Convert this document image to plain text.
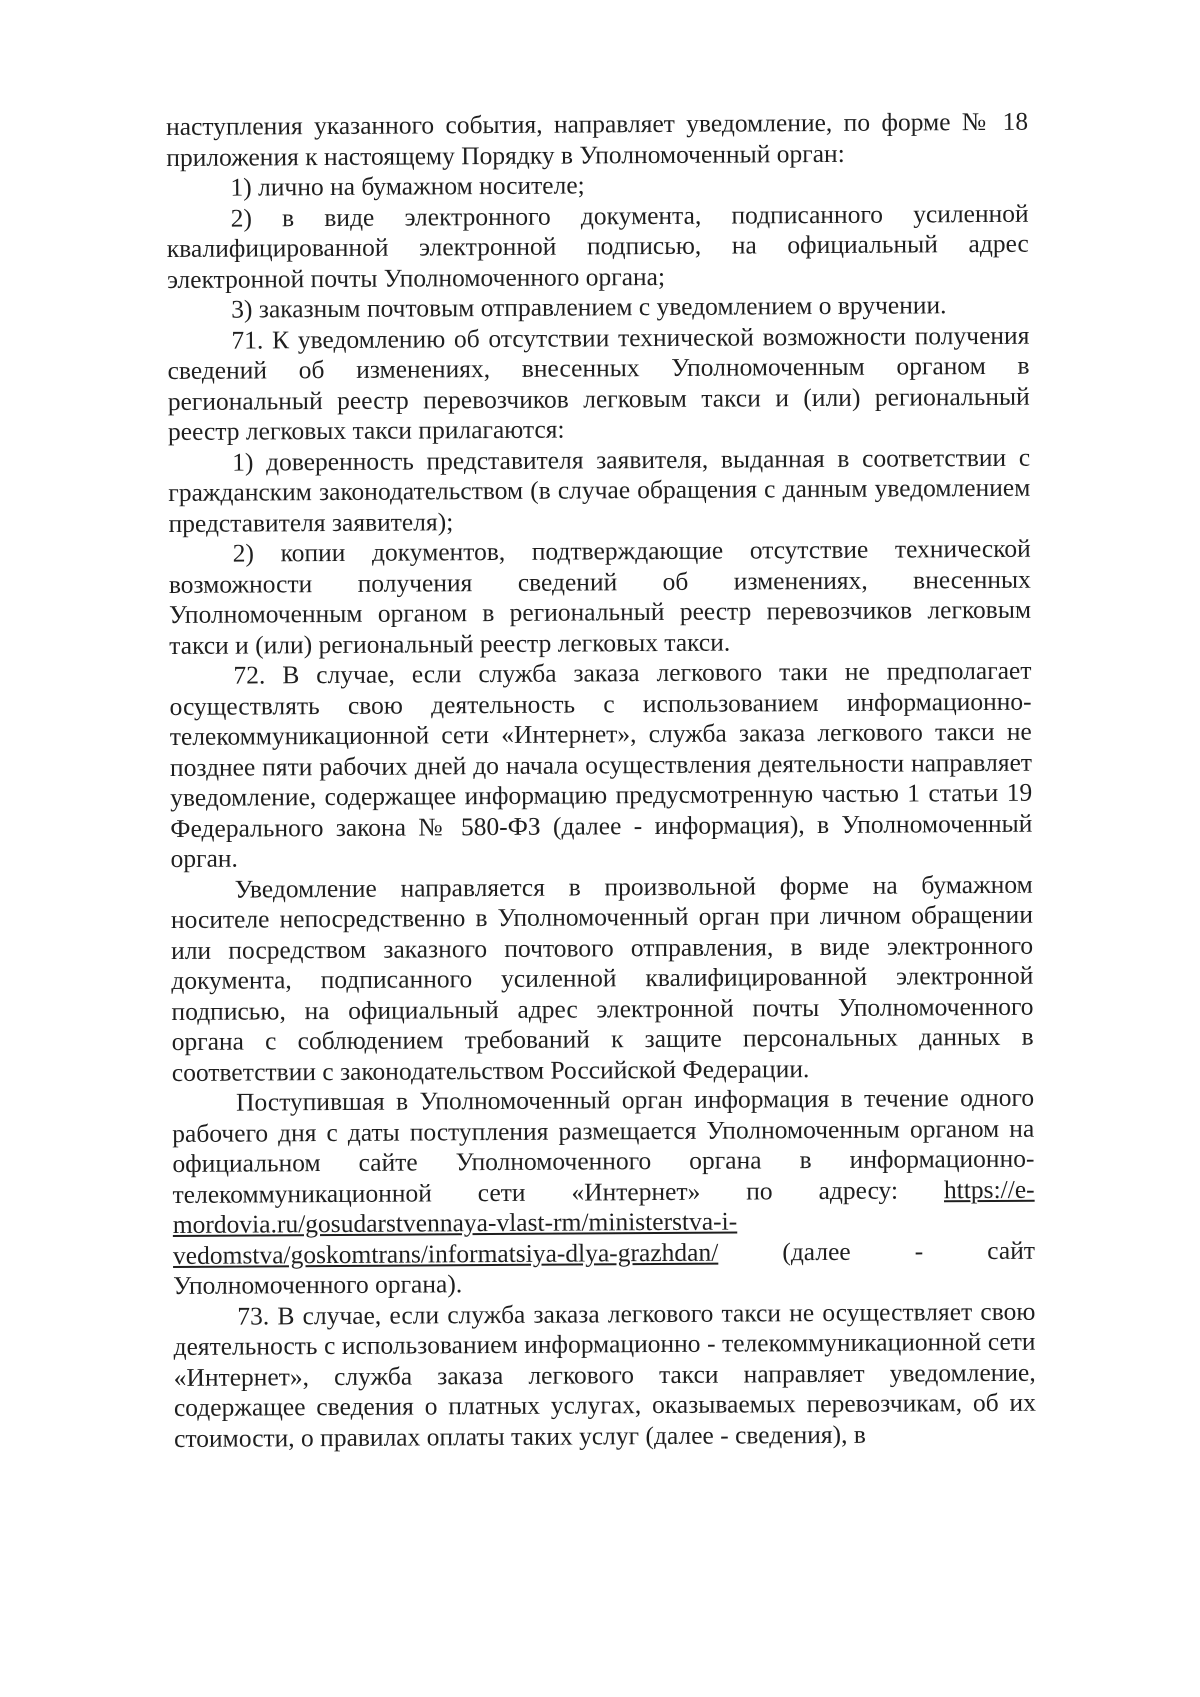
наступления указанного события, направляет уведомление, по форме № 18 приложения к настоящему Порядку в Уполномоченный орган:

1) лично на бумажном носителе;

2) в виде электронного документа, подписанного усиленной квалифицированной электронной подписью, на официальный адрес электронной почты Уполномоченного органа;

3) заказным почтовым отправлением с уведомлением о вручении.

71. К уведомлению об отсутствии технической возможности получения сведений об изменениях, внесенных Уполномоченным органом в региональный реестр перевозчиков легковым такси и (или) региональный реестр легковых такси прилагаются:

1) доверенность представителя заявителя, выданная в соответствии с гражданским законодательством (в случае обращения с данным уведомлением представителя заявителя);

2) копии документов, подтверждающие отсутствие технической возможности получения сведений об изменениях, внесенных Уполномоченным органом в региональный реестр перевозчиков легковым такси и (или) региональный реестр легковых такси.

72. В случае, если служба заказа легкового таки не предполагает осуществлять свою деятельность с использованием информационно-телекоммуникационной сети «Интернет», служба заказа легкового такси не позднее пяти рабочих дней до начала осуществления деятельности направляет уведомление, содержащее информацию предусмотренную частью 1 статьи 19 Федерального закона № 580-ФЗ (далее - информация), в Уполномоченный орган.

Уведомление направляется в произвольной форме на бумажном носителе непосредственно в Уполномоченный орган при личном обращении или посредством заказного почтового отправления, в виде электронного документа, подписанного усиленной квалифицированной электронной подписью, на официальный адрес электронной почты Уполномоченного органа с соблюдением требований к защите персональных данных в соответствии с законодательством Российской Федерации.

Поступившая в Уполномоченный орган информация в течение одного рабочего дня с даты поступления размещается Уполномоченным органом на официальном сайте Уполномоченного органа в информационно-телекоммуникационной сети «Интернет» по адресу: https://e-mordovia.ru/gosudarstvennaya-vlast-rm/ministerstva-i-vedomstva/goskomtrans/informatsiya-dlya-grazhdan/ (далее - сайт Уполномоченного органа).

73. В случае, если служба заказа легкового такси не осуществляет свою деятельность с использованием информационно - телекоммуникационной сети «Интернет», служба заказа легкового такси направляет уведомление, содержащее сведения о платных услугах, оказываемых перевозчикам, об их стоимости, о правилах оплаты таких услуг (далее - сведения), в
